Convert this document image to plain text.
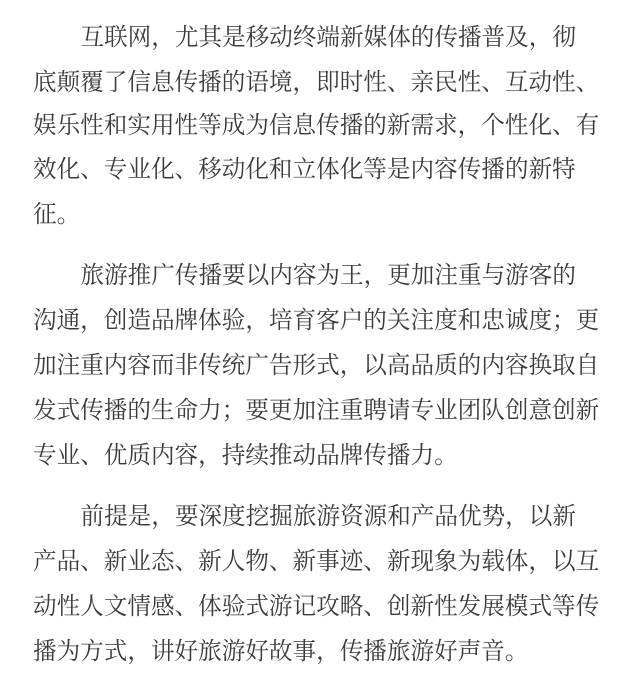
互联网，尤其是移动终端新媒体的传播普及，彻
底颠覆了信息传播的语境，即时性、亲民性、互动性、
娱乐性和实用性等成为信息传播的新需求，个性化、有
效化、专业化、移动化和立体化等是内容传播的新特
征。
旅游推广传播要以内容为王，更加注重与游客的
沟通，创造品牌体验，培育客户的关注度和忠诚度；更
加注重内容而非传统广告形式，以高品质的内容换取自
发式传播的生命力；要更加注重聘请专业团队创意创新
专业、优质内容，持续推动品牌传播力。
前提是，要深度挖掘旅游资源和产品优势，以新
产品、新业态、新人物、新事迹、新现象为载体，以互
动性人文情感、体验式游记攻略、创新性发展模式等传
播为方式，讲好旅游好故事，传播旅游好声音。
